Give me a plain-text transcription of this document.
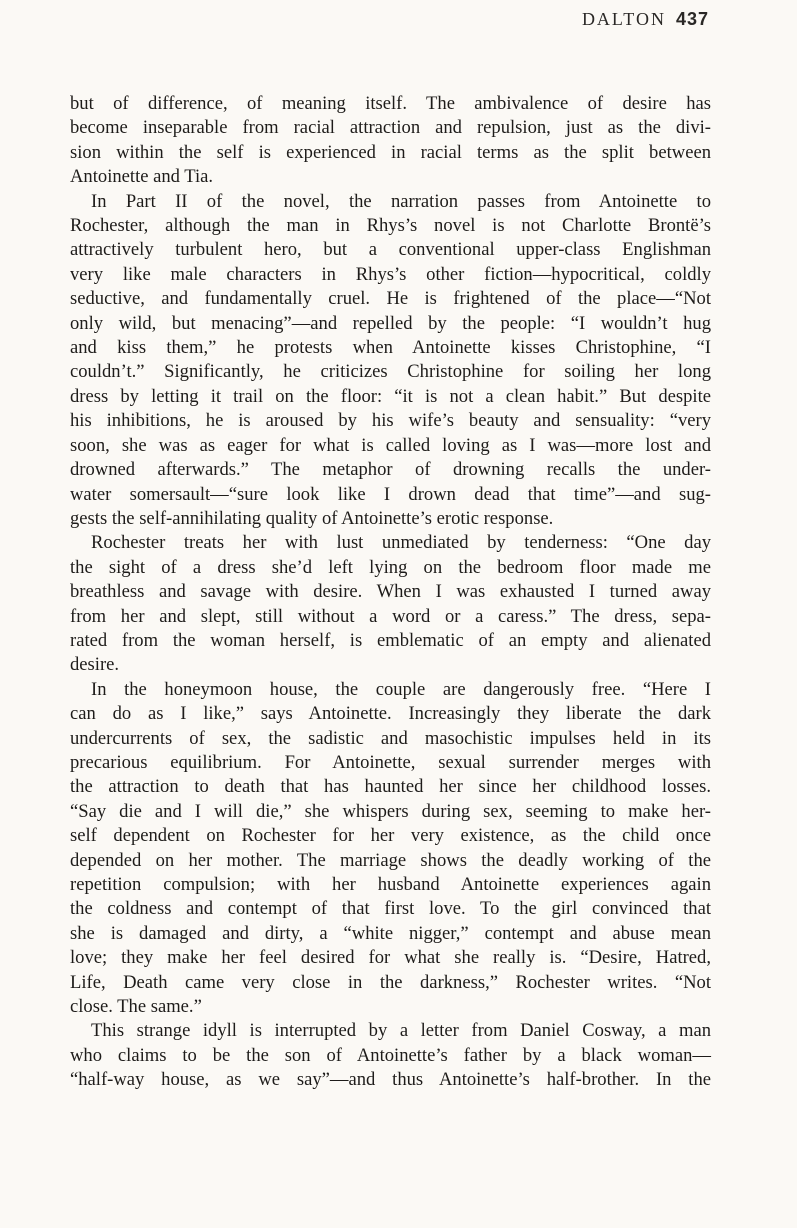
DALTON 437
but of difference, of meaning itself. The ambivalence of desire has
become inseparable from racial attraction and repulsion, just as the divi-
sion within the self is experienced in racial terms as the split between
Antoinette and Tia.
In Part II of the novel, the narration passes from Antoinette to
Rochester, although the man in Rhys’s novel is not Charlotte Brontë’s
attractively turbulent hero, but a conventional upper-class Englishman
very like male characters in Rhys’s other fiction—hypocritical, coldly
seductive, and fundamentally cruel. He is frightened of the place—“Not
only wild, but menacing”—and repelled by the people: “I wouldn’t hug
and kiss them,” he protests when Antoinette kisses Christophine, “I
couldn’t.” Significantly, he criticizes Christophine for soiling her long
dress by letting it trail on the floor: “it is not a clean habit.” But despite
his inhibitions, he is aroused by his wife’s beauty and sensuality: “very
soon, she was as eager for what is called loving as I was—more lost and
drowned afterwards.” The metaphor of drowning recalls the under-
water somersault—“sure look like I drown dead that time”—and sug-
gests the self-annihilating quality of Antoinette’s erotic response.
Rochester treats her with lust unmediated by tenderness: “One day
the sight of a dress she’d left lying on the bedroom floor made me
breathless and savage with desire. When I was exhausted I turned away
from her and slept, still without a word or a caress.” The dress, sepa-
rated from the woman herself, is emblematic of an empty and alienated
desire.
In the honeymoon house, the couple are dangerously free. “Here I
can do as I like,” says Antoinette. Increasingly they liberate the dark
undercurrents of sex, the sadistic and masochistic impulses held in its
precarious equilibrium. For Antoinette, sexual surrender merges with
the attraction to death that has haunted her since her childhood losses.
“Say die and I will die,” she whispers during sex, seeming to make her-
self dependent on Rochester for her very existence, as the child once
depended on her mother. The marriage shows the deadly working of the
repetition compulsion; with her husband Antoinette experiences again
the coldness and contempt of that first love. To the girl convinced that
she is damaged and dirty, a “white nigger,” contempt and abuse mean
love; they make her feel desired for what she really is. “Desire, Hatred,
Life, Death came very close in the darkness,” Rochester writes. “Not
close. The same.”
This strange idyll is interrupted by a letter from Daniel Cosway, a man
who claims to be the son of Antoinette’s father by a black woman—
“half-way house, as we say”—and thus Antoinette’s half-brother. In the
